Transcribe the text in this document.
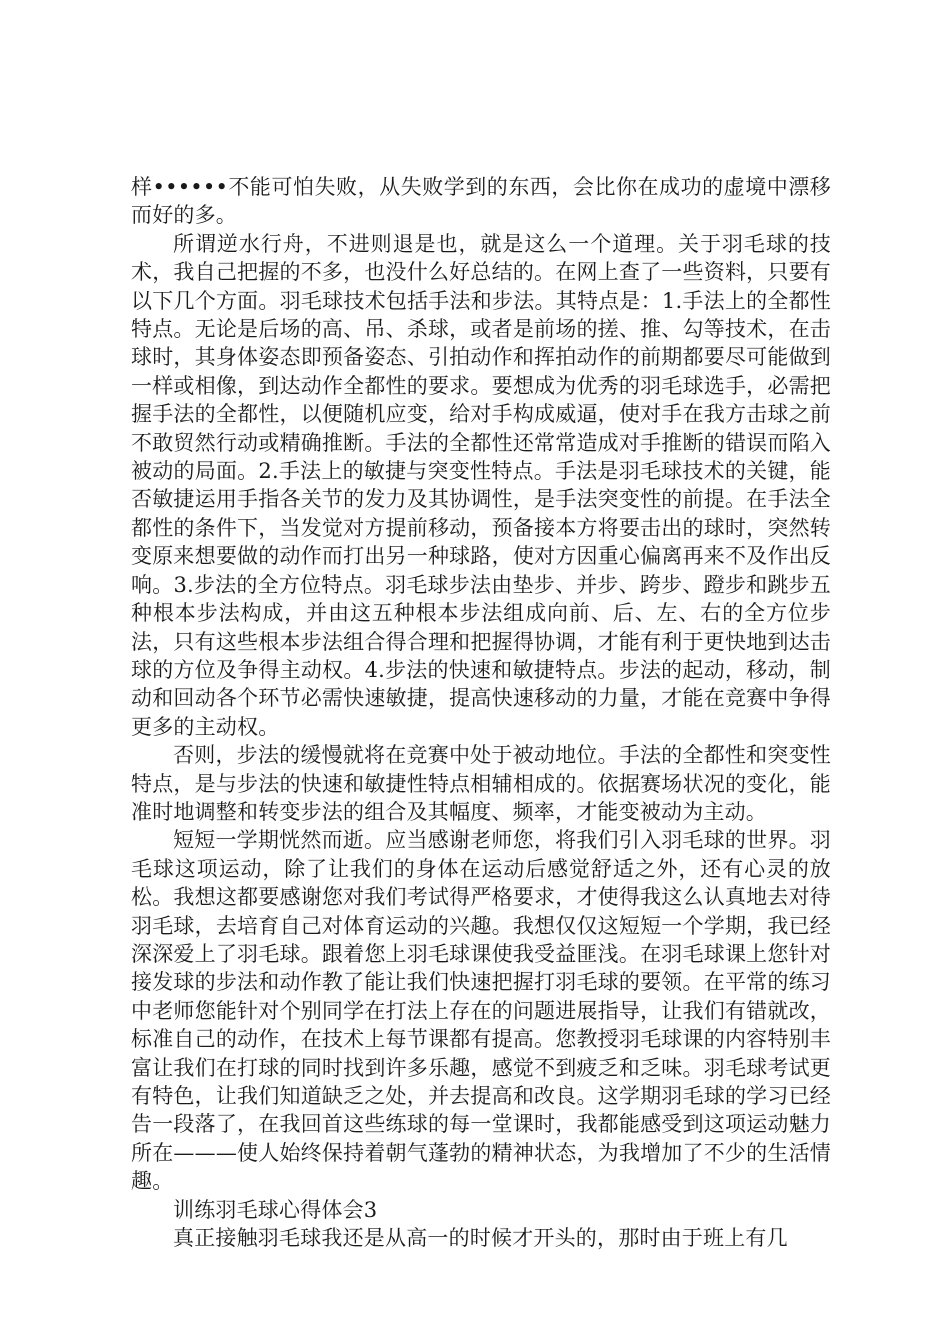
样••••••不能可怕失败，从失败学到的东西，会比你在成功的虚境中漂移而好的多。

所谓逆水行舟，不进则退是也，就是这么一个道理。关于羽毛球的技术，我自己把握的不多，也没什么好总结的。在网上查了一些资料，只要有以下几个方面。羽毛球技术包括手法和步法。其特点是：1.手法上的全都性特点。无论是后场的高、吊、杀球，或者是前场的搓、推、勾等技术，在击球时，其身体姿态即预备姿态、引拍动作和挥拍动作的前期都要尽可能做到一样或相像，到达动作全都性的要求。要想成为优秀的羽毛球选手，必需把握手法的全都性，以便随机应变，给对手构成威逼，使对手在我方击球之前不敢贸然行动或精确推断。手法的全都性还常常造成对手推断的错误而陷入被动的局面。2.手法上的敏捷与突变性特点。手法是羽毛球技术的关键，能否敏捷运用手指各关节的发力及其协调性，是手法突变性的前提。在手法全都性的条件下，当发觉对方提前移动，预备接本方将要击出的球时，突然转变原来想要做的动作而打出另一种球路，使对方因重心偏离再来不及作出反响。3.步法的全方位特点。羽毛球步法由垫步、并步、跨步、蹬步和跳步五种根本步法构成，并由这五种根本步法组成向前、后、左、右的全方位步法，只有这些根本步法组合得合理和把握得协调，才能有利于更快地到达击球的方位及争得主动权。4.步法的快速和敏捷特点。步法的起动，移动，制动和回动各个环节必需快速敏捷，提高快速移动的力量，才能在竞赛中争得更多的主动权。

否则，步法的缓慢就将在竞赛中处于被动地位。手法的全都性和突变性特点，是与步法的快速和敏捷性特点相辅相成的。依据赛场状况的变化，能准时地调整和转变步法的组合及其幅度、频率，才能变被动为主动。

短短一学期恍然而逝。应当感谢老师您，将我们引入羽毛球的世界。羽毛球这项运动，除了让我们的身体在运动后感觉舒适之外，还有心灵的放松。我想这都要感谢您对我们考试得严格要求，才使得我这么认真地去对待羽毛球，去培育自己对体育运动的兴趣。我想仅仅这短短一个学期，我已经深深爱上了羽毛球。跟着您上羽毛球课使我受益匪浅。在羽毛球课上您针对接发球的步法和动作教了能让我们快速把握打羽毛球的要领。在平常的练习中老师您能针对个别同学在打法上存在的问题进展指导，让我们有错就改，标准自己的动作，在技术上每节课都有提高。您教授羽毛球课的内容特别丰富让我们在打球的同时找到许多乐趣，感觉不到疲乏和乏味。羽毛球考试更有特色，让我们知道缺乏之处，并去提高和改良。这学期羽毛球的学习已经告一段落了，在我回首这些练球的每一堂课时，我都能感受到这项运动魅力所在———使人始终保持着朝气蓬勃的精神状态，为我增加了不少的生活情趣。

训练羽毛球心得体会3

真正接触羽毛球我还是从高一的时候才开头的，那时由于班上有几
